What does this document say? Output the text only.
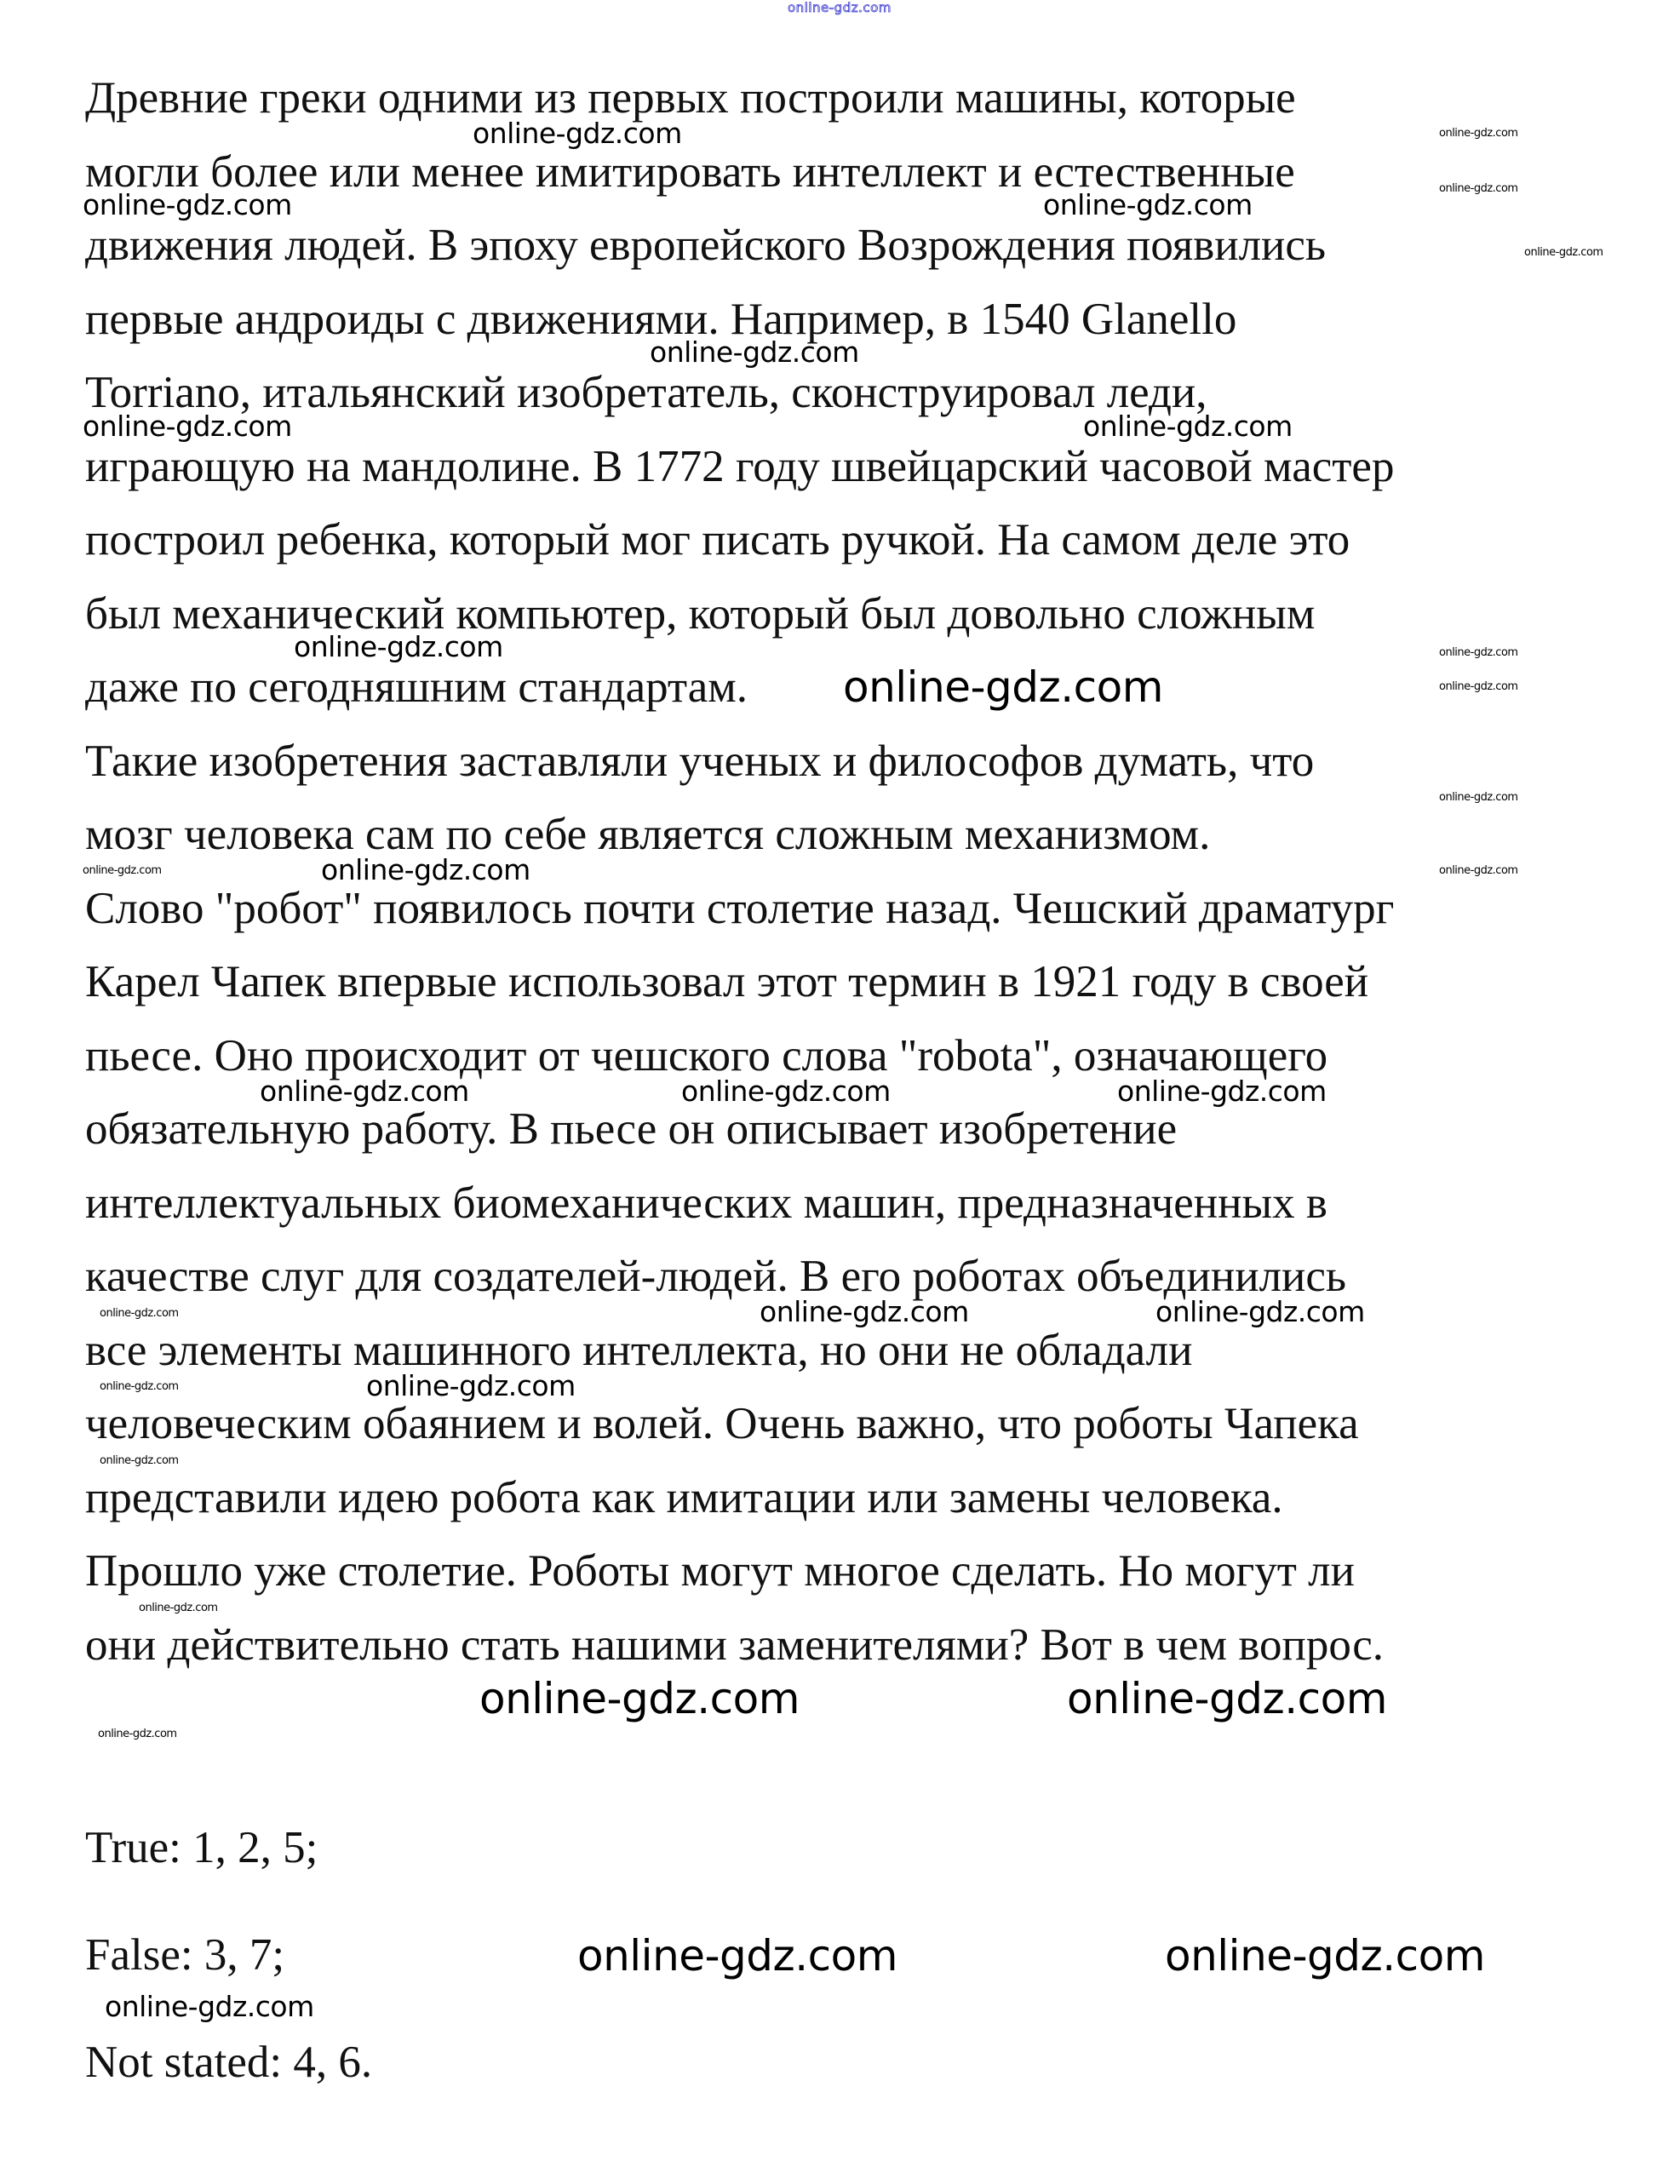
online-gdz.com
Древние греки одними из первых построили машины, которые
могли более или менее имитировать интеллект и естественные
движения людей. В эпоху европейского Возрождения появились
первые андроиды с движениями. Например, в 1540 Glanello
Torriano, итальянский изобретатель, сконструировал леди,
играющую на мандолине. В 1772 году швейцарский часовой мастер
построил ребенка, который мог писать ручкой. На самом деле это
был механический компьютер, который был довольно сложным
даже по сегодняшним стандартам.
Такие изобретения заставляли ученых и философов думать, что
мозг человека сам по себе является сложным механизмом.
Слово "робот" появилось почти столетие назад. Чешский драматург
Карел Чапек впервые использовал этот термин в 1921 году в своей
пьесе. Оно происходит от чешского слова "robota", означающего
обязательную работу. В пьесе он описывает изобретение
интеллектуальных биомеханических машин, предназначенных в
качестве слуг для создателей-людей. В его роботах объединились
все элементы машинного интеллекта, но они не обладали
человеческим обаянием и волей. Очень важно, что роботы Чапека
представили идею робота как имитации или замены человека.
Прошло уже столетие. Роботы могут многое сделать. Но могут ли
они действительно стать нашими заменителями? Вот в чем вопрос.
True: 1, 2, 5;
False: 3, 7;
Not stated: 4, 6.
online-gdz.com	online-gdz.com
online-gdz.com
online-gdz.com	online-gdz.com
online-gdz.com
online-gdz.com
online-gdz.com	online-gdz.com
online-gdz.com
online-gdz.com
online-gdz.com	online-gdz.com
online-gdz.com
online-gdz.com
online-gdz.com	online-gdz.com
online-gdz.com	online-gdz.com	online-gdz.com
online-gdz.com	online-gdz.com	online-gdz.com
online-gdz.com	online-gdz.com
online-gdz.com
online-gdz.com
online-gdz.com	online-gdz.com
online-gdz.com
online-gdz.com	online-gdz.com
online-gdz.com
